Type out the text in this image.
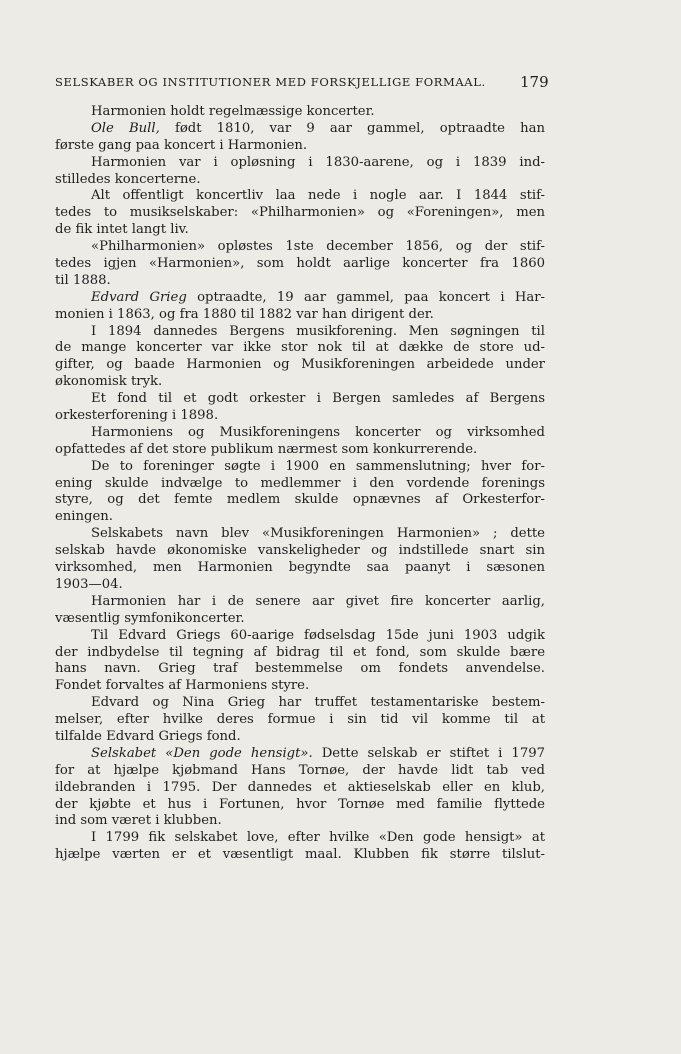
SELSKABER OG INSTITUTIONER MED FORSKJELLIGE FORMAAL.	179
Harmonien holdt regelmæssige koncerter.
Ole Bull, født 1810, var 9 aar gammel, optraadte han
første gang paa koncert i Harmonien.
Harmonien var i opløsning i 1830-aarene, og i 1839 ind-
stilledes koncerterne.
Alt offentligt koncertliv laa nede i nogle aar. I 1844 stif-
tedes to musikselskaber: «Philharmonien» og «Foreningen», men
de fik intet langt liv.
«Philharmonien» opløstes 1ste december 1856, og der stif-
tedes igjen «Harmonien», som holdt aarlige koncerter fra 1860
til 1888.
Edvard Grieg optraadte, 19 aar gammel, paa koncert i Har-
monien i 1863, og fra 1880 til 1882 var han dirigent der.
I 1894 dannedes Bergens musikforening. Men søgningen til
de mange koncerter var ikke stor nok til at dække de store ud-
gifter, og baade Harmonien og Musikforeningen arbeidede under
økonomisk tryk.
Et fond til et godt orkester i Bergen samledes af Bergens
orkesterforening i 1898.
Harmoniens og Musikforeningens koncerter og virksomhed
opfattedes af det store publikum nærmest som konkurrerende.
De to foreninger søgte i 1900 en sammenslutning; hver for-
ening skulde indvælge to medlemmer i den vordende forenings
styre, og det femte medlem skulde opnævnes af Orkesterfor-
eningen.
Selskabets navn blev «Musikforeningen Harmonien» ; dette
selskab havde økonomiske vanskeligheder og indstillede snart sin
virksomhed, men Harmonien begyndte saa paanyt i sæsonen
1903—04.
Harmonien har i de senere aar givet fire koncerter aarlig,
væsentlig symfonikoncerter.
Til Edvard Griegs 60-aarige fødselsdag 15de juni 1903 udgik
der indbydelse til tegning af bidrag til et fond, som skulde bære
hans navn. Grieg traf bestemmelse om fondets anvendelse.
Fondet forvaltes af Harmoniens styre.
Edvard og Nina Grieg har truffet testamentariske bestem-
melser, efter hvilke deres formue i sin tid vil komme til at
tilfalde Edvard Griegs fond.
Selskabet «Den gode hensigt». Dette selskab er stiftet i 1797
for at hjælpe kjøbmand Hans Tornøe, der havde lidt tab ved
ildebranden i 1795. Der dannedes et aktieselskab eller en klub,
der kjøbte et hus i Fortunen, hvor Tornøe med familie flyttede
ind som været i klubben.
I 1799 fik selskabet love, efter hvilke «Den gode hensigt» at
hjælpe værten er et væsentligt maal. Klubben fik større tilslut-
